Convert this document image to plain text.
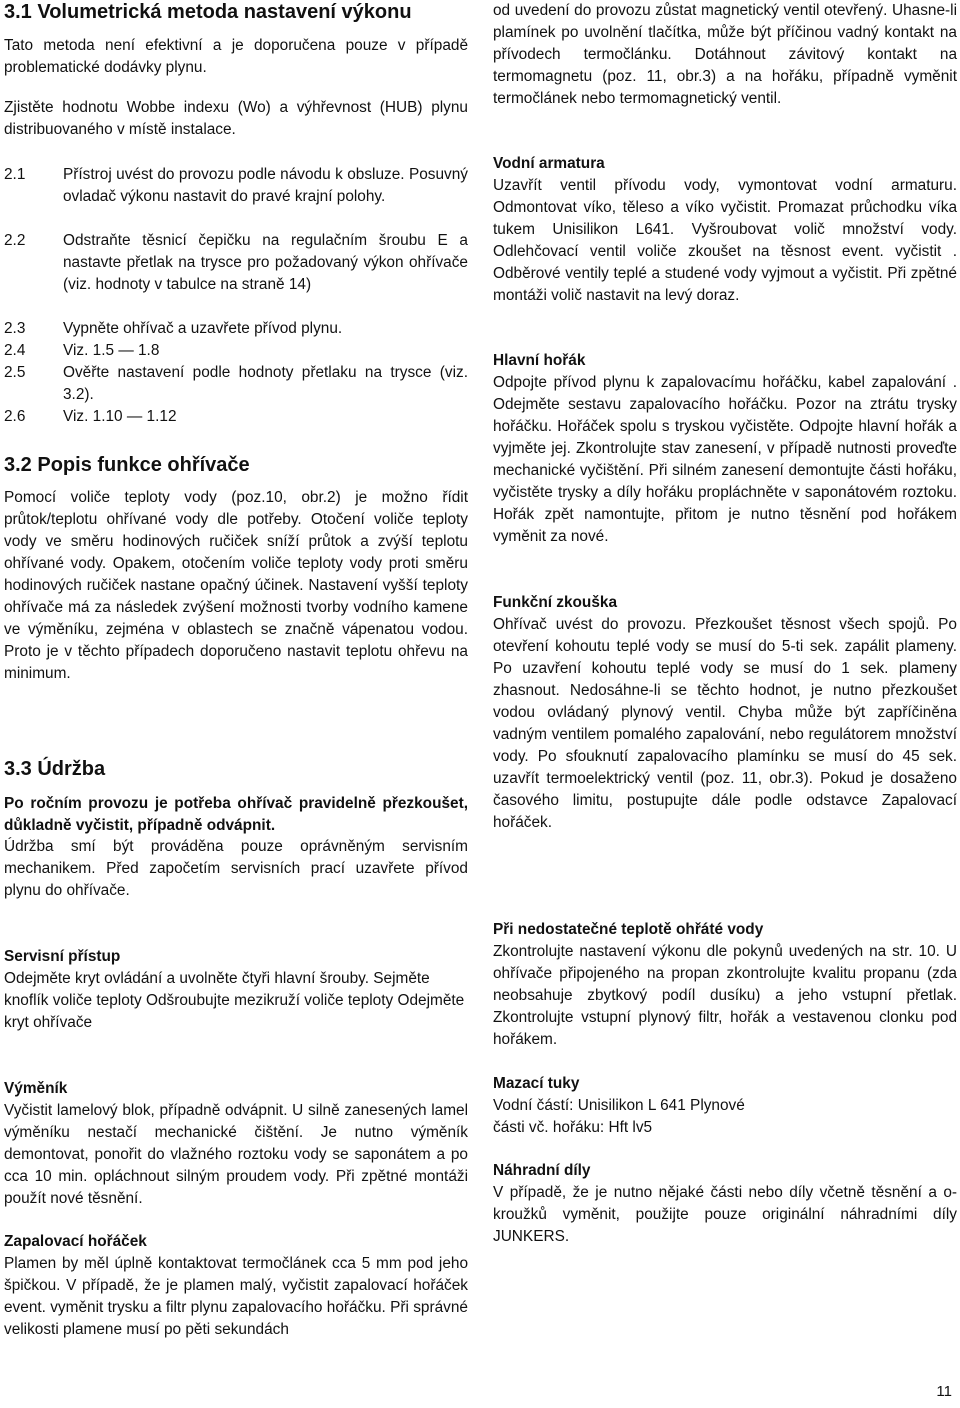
3.1 Volumetrická metoda nastavení výkonu

Tato metoda není efektivní a je doporučena pouze v případě problematické dodávky plynu.

Zjistěte hodnotu Wobbe indexu (Wo) a výhřevnost (HUB) plynu distribuovaného v místě instalace.

2.1 Přístroj uvést do provozu podle návodu k obsluze. Posuvný ovladač výkonu nastavit do pravé krajní polohy.
2.2 Odstraňte těsnicí čepičku na regulačním šroubu E a nastavte přetlak na trysce pro požadovaný výkon ohřívače (viz. hodnoty v tabulce na straně 14)
2.3 Vypněte ohřívač a uzavřete přívod plynu.
2.4 Viz. 1.5 — 1.8
2.5 Ověřte nastavení podle hodnoty přetlaku na trysce (viz. 3.2).
2.6 Viz. 1.10 — 1.12
3.2 Popis funkce ohřívače

Pomocí voliče teploty vody (poz.10, obr.2) je možno řídit průtok/teplotu ohřívané vody dle potřeby. Otočení voliče teploty vody ve směru hodinových ručiček sníží průtok a zvýší teplotu ohřívané vody. Opakem, otočením voliče teploty vody proti směru hodinových ručiček nastane opačný účinek. Nastavení vyšší teploty ohřívače má za následek zvýšení možnosti tvorby vodního kamene ve výměníku, zejména v oblastech se značně vápenatou vodou. Proto je v těchto případech doporučeno nastavit teplotu ohřevu na minimum.

3.3 Údržba

Po ročním provozu je potřeba ohřívač pravidelně přezkoušet, důkladně vyčistit, případně odvápnit.

Údržba smí být prováděna pouze oprávněným servisním mechanikem. Před započetím servisních prací uzavřete přívod plynu do ohřívače.

Servisní přístup

Odejměte kryt ovládání a uvolněte čtyři hlavní šrouby. Sejměte knoflík voliče teploty Odšroubujte mezikruží voliče teploty Odejměte kryt ohřívače

Výměník

Vyčistit lamelový blok, případně odvápnit. U silně zanesených lamel výměníku nestačí mechanické čištění. Je nutno výměník demontovat, ponořit do vlažného roztoku vody se saponátem a po cca 10 min. opláchnout silným proudem vody. Při zpětné montáži použít nové těsnění.

Zapalovací hořáček

Plamen by měl úplně kontaktovat termočlánek cca 5 mm pod jeho špičkou. V případě, že je plamen malý, vyčistit zapalovací hořáček event. vyměnit trysku a filtr plynu zapalovacího hořáčku. Při správné velikosti plamene musí po pěti sekundách

od uvedení do provozu zůstat magnetický ventil otevřený. Uhasne-li plamínek po uvolnění tlačítka, může být příčinou vadný kontakt na přívodech termočlánku. Dotáhnout závitový kontakt na termomagnetu (poz. 11, obr.3) a na hořáku, případně vyměnit termočlánek nebo termomagnetický ventil.

Vodní armatura

Uzavřít ventil přívodu vody, vymontovat vodní armaturu. Odmontovat víko, těleso a víko vyčistit. Promazat průchodku víka tukem Unisilikon L641. Vyšroubovat volič množství vody. Odlehčovací ventil voliče zkoušet na těsnost event. vyčistit . Odběrové ventily teplé a studené vody vyjmout a vyčistit. Při zpětné montáži volič nastavit na levý doraz.

Hlavní hořák

Odpojte přívod plynu k zapalovacímu hořáčku, kabel zapalování . Odejměte sestavu zapalovacího hořáčku. Pozor na ztrátu trysky hořáčku. Hořáček spolu s tryskou vyčistěte. Odpojte hlavní hořák a vyjměte jej. Zkontrolujte stav zanesení, v případě nutnosti proveďte mechanické vyčištění. Při silném zanesení demontujte části hořáku, vyčistěte trysky a díly hořáku propláchněte v saponátovém roztoku. Hořák zpět namontujte, přitom je nutno těsnění pod hořákem vyměnit za nové.

Funkční zkouška

Ohřívač uvést do provozu. Přezkoušet těsnost všech spojů. Po otevření kohoutu teplé vody se musí do 5-ti sek. zapálit plameny. Po uzavření kohoutu teplé vody se musí do 1 sek. plameny zhasnout. Nedosáhne-li se těchto hodnot, je nutno přezkoušet vodou ovládaný plynový ventil. Chyba může být zapříčiněna vadným ventilem pomalého zapalování, nebo regulátorem množství vody. Po sfouknutí zapalovacího plamínku se musí do 45 sek. uzavřít termoelektrický ventil (poz. 11, obr.3). Pokud je dosaženo časového limitu, postupujte dále podle odstavce Zapalovací hořáček.

Při nedostatečné teplotě ohřáté vody

Zkontrolujte nastavení výkonu dle pokynů uvedených na str. 10. U ohřívače připojeného na propan zkontrolujte kvalitu propanu (zda neobsahuje zbytkový podíl dusíku) a jeho vstupní přetlak. Zkontrolujte vstupní plynový filtr, hořák a vestavenou clonku pod hořákem.

Mazací tuky

Vodní částí: Unisilikon L 641 Plynové části vč. hořáku: Hft lv5

Náhradní díly

V případě, že je nutno nějaké části nebo díly včetně těsnění a o-kroužků vyměnit, použijte pouze originální náhradními díly JUNKERS.

11
